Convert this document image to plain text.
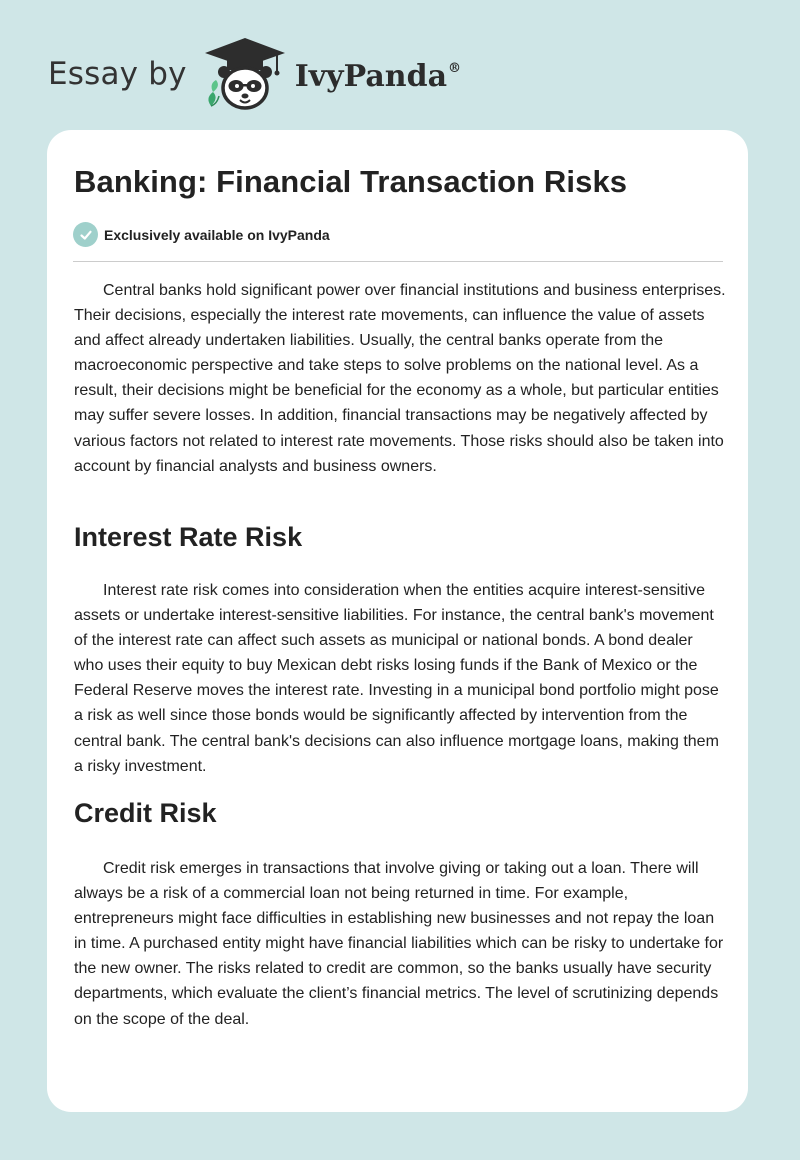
Essay by	IvyPanda®
Banking: Financial Transaction Risks
Exclusively available on IvyPanda

Central banks hold significant power over financial institutions and business enterprises. Their decisions, especially the interest rate movements, can influence the value of assets and affect already undertaken liabilities. Usually, the central banks operate from the macroeconomic perspective and take steps to solve problems on the national level. As a result, their decisions might be beneficial for the economy as a whole, but particular entities may suffer severe losses. In addition, financial transactions may be negatively affected by various factors not related to interest rate movements. Those risks should also be taken into account by financial analysts and business owners.

Interest Rate Risk

Interest rate risk comes into consideration when the entities acquire interest-sensitive assets or undertake interest-sensitive liabilities. For instance, the central bank's movement of the interest rate can affect such assets as municipal or national bonds. A bond dealer who uses their equity to buy Mexican debt risks losing funds if the Bank of Mexico or the Federal Reserve moves the interest rate. Investing in a municipal bond portfolio might pose a risk as well since those bonds would be significantly affected by intervention from the central bank. The central bank's decisions can also influence mortgage loans, making them a risky investment.

Credit Risk

Credit risk emerges in transactions that involve giving or taking out a loan. There will always be a risk of a commercial loan not being returned in time. For example, entrepreneurs might face difficulties in establishing new businesses and not repay the loan in time. A purchased entity might have financial liabilities which can be risky to undertake for the new owner. The risks related to credit are common, so the banks usually have security departments, which evaluate the client’s financial metrics. The level of scrutinizing depends on the scope of the deal.
